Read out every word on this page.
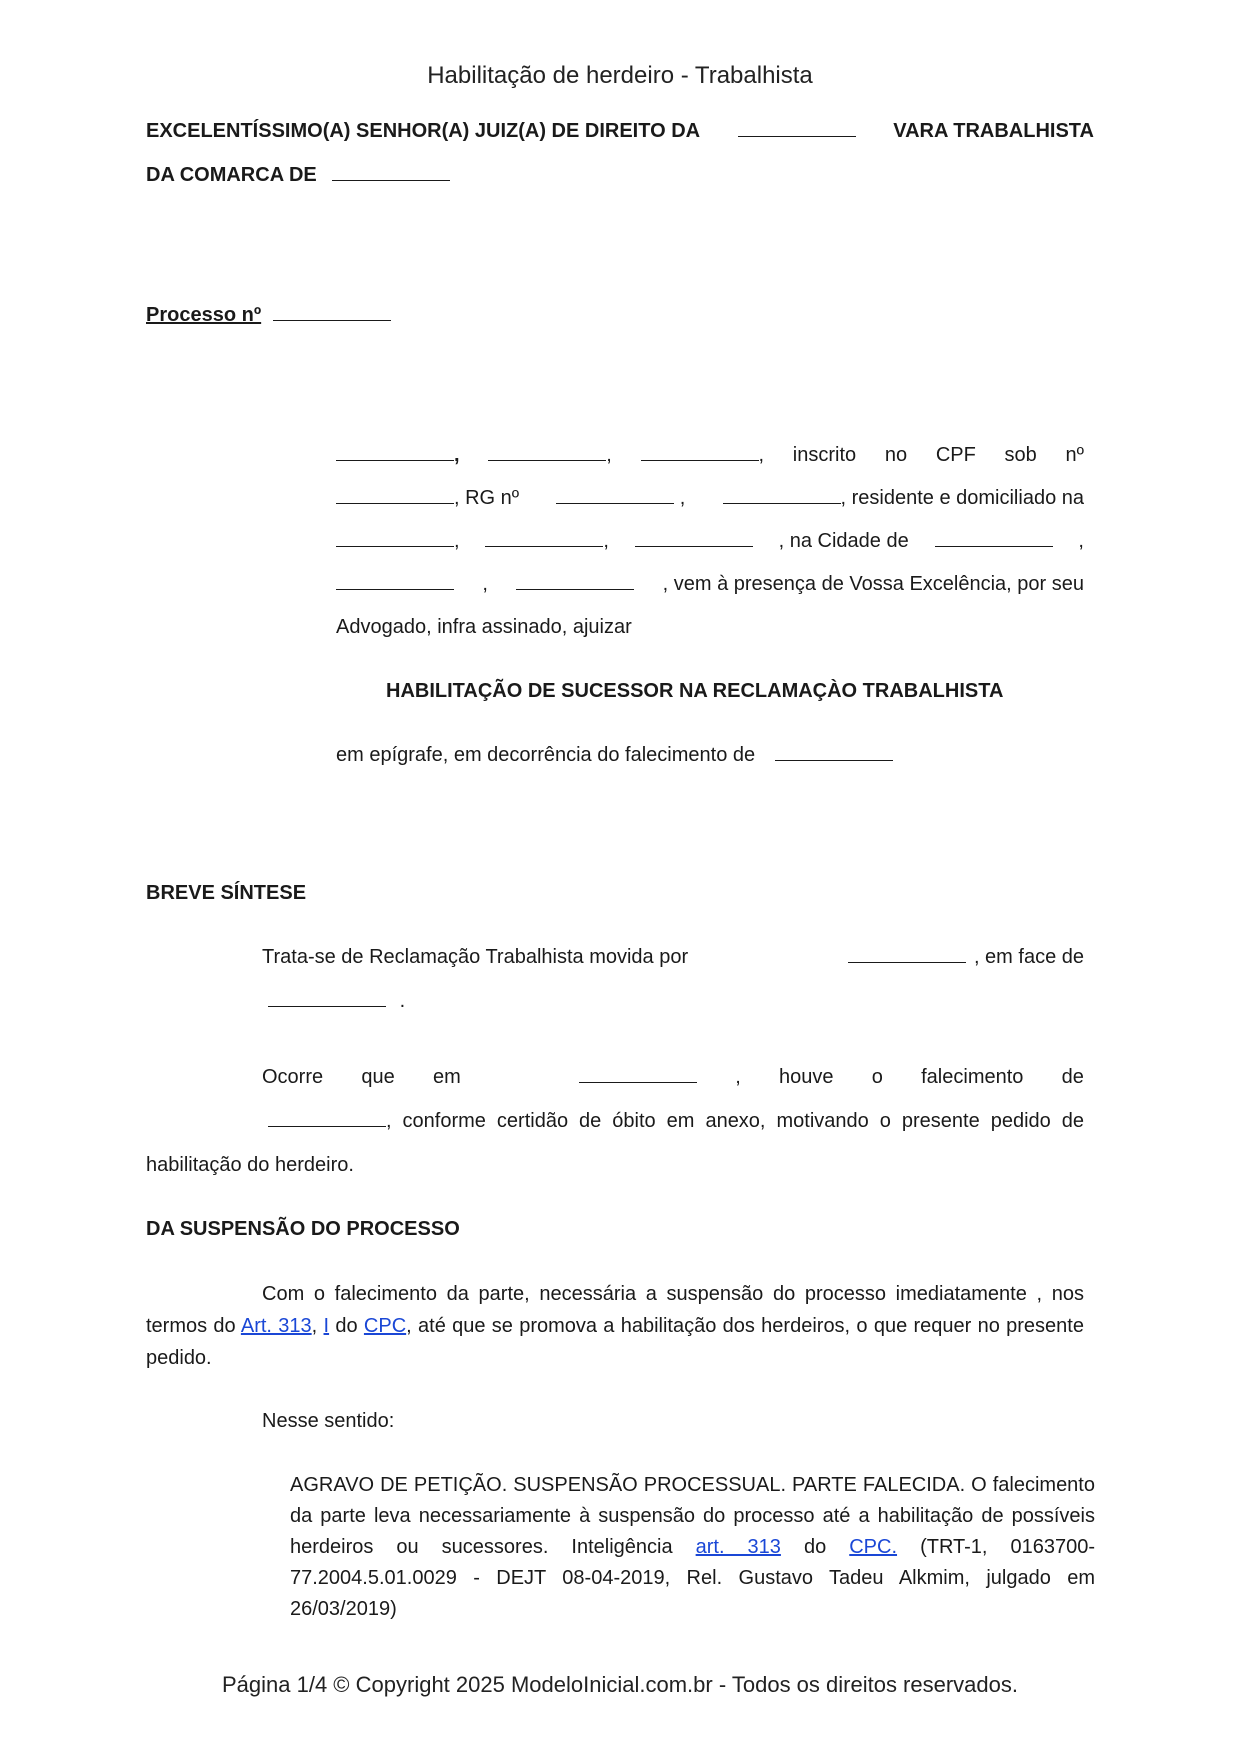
Habilitação de herdeiro - Trabalhista
EXCELENTÍSSIMO(A) SENHOR(A) JUIZ(A) DE DIREITO DA	VARA TRABALHISTA
DA COMARCA DE
Processo nº
,	,	, inscrito no CPF sob nº
, RG nº	,	, residente e domiciliado na
,	,	, na Cidade de	,
,	, vem à presença de Vossa Excelência, por seu
Advogado, infra assinado, ajuizar
HABILITAÇÃO DE SUCESSOR NA RECLAMAÇÀO TRABALHISTA
em epígrafe, em decorrência do falecimento de
BREVE SÍNTESE
Trata-se de Reclamação Trabalhista movida por	, em face de
.
Ocorre que em	, houve o falecimento de
, conforme certidão de óbito em anexo, motivando o presente pedido de
habilitação do herdeiro.
DA SUSPENSÃO DO PROCESSO
Com o falecimento da parte, necessária a suspensão do processo imediatamente , nos termos do Art. 313, I do CPC, até que se promova a habilitação dos herdeiros, o que requer no presente pedido.
Nesse sentido:
AGRAVO DE PETIÇÃO. SUSPENSÃO PROCESSUAL. PARTE FALECIDA. O falecimento da parte leva necessariamente à suspensão do processo até a habilitação de possíveis herdeiros ou sucessores. Inteligência art. 313 do CPC. (TRT-1, 0163700-77.2004.5.01.0029 - DEJT 08-04-2019, Rel. Gustavo Tadeu Alkmim, julgado em 26/03/2019)
Página 1/4 © Copyright 2025 ModeloInicial.com.br - Todos os direitos reservados.
